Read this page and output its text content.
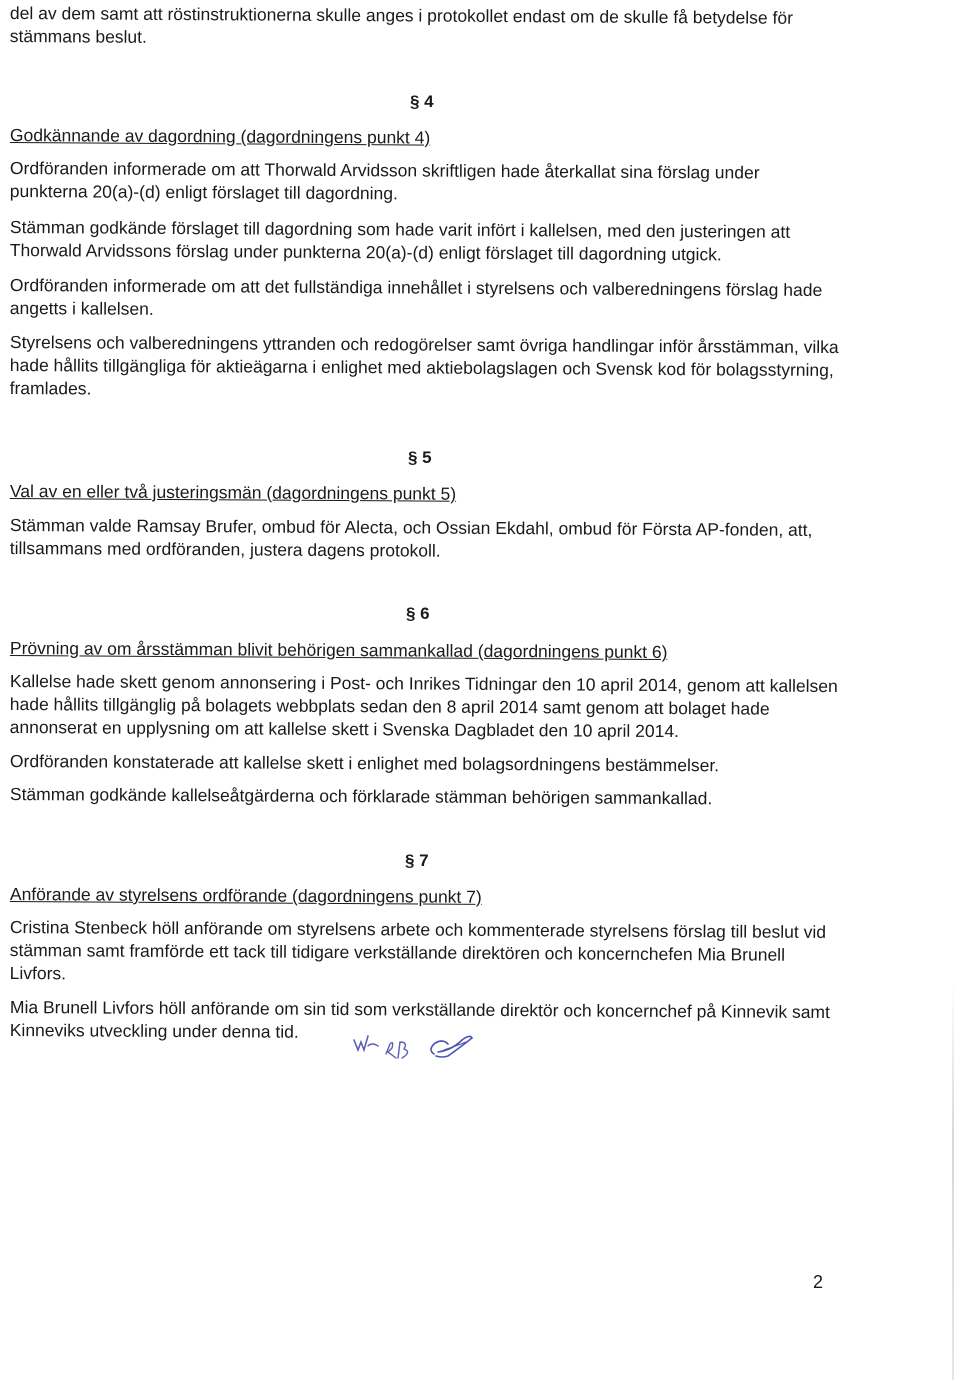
del av dem samt att röstinstruktionerna skulle anges i protokollet endast om de skulle få betydelse för stämmans beslut.

§ 4

Godkännande av dagordning (dagordningens punkt 4)

Ordföranden informerade om att Thorwald Arvidsson skriftligen hade återkallat sina förslag under punkterna 20(a)-(d) enligt förslaget till dagordning.

Stämman godkände förslaget till dagordning som hade varit infört i kallelsen, med den justeringen att Thorwald Arvidssons förslag under punkterna 20(a)-(d) enligt förslaget till dagordning utgick.

Ordföranden informerade om att det fullständiga innehållet i styrelsens och valberedningens förslag hade angetts i kallelsen.

Styrelsens och valberedningens yttranden och redogörelser samt övriga handlingar inför årsstämman, vilka hade hållits tillgängliga för aktieägarna i enlighet med aktiebolagslagen och Svensk kod för bolagsstyrning, framlades.

§ 5

Val av en eller två justeringsmän (dagordningens punkt 5)

Stämman valde Ramsay Brufer, ombud för Alecta, och Ossian Ekdahl, ombud för Första AP-fonden, att, tillsammans med ordföranden, justera dagens protokoll.

§ 6

Prövning av om årsstämman blivit behörigen sammankallad (dagordningens punkt 6)

Kallelse hade skett genom annonsering i Post- och Inrikes Tidningar den 10 april 2014, genom att kallelsen hade hållits tillgänglig på bolagets webbplats sedan den 8 april 2014 samt genom att bolaget hade annonserat en upplysning om att kallelse skett i Svenska Dagbladet den 10 april 2014.

Ordföranden konstaterade att kallelse skett i enlighet med bolagsordningens bestämmelser.

Stämman godkände kallelseåtgärderna och förklarade stämman behörigen sammankallad.

§ 7

Anförande av styrelsens ordförande (dagordningens punkt 7)

Cristina Stenbeck höll anförande om styrelsens arbete och kommenterade styrelsens förslag till beslut vid stämman samt framförde ett tack till tidigare verkställande direktören och koncernchefen Mia Brunell Livfors.

Mia Brunell Livfors höll anförande om sin tid som verkställande direktör och koncernchef på Kinnevik samt Kinneviks utveckling under denna tid.

2
